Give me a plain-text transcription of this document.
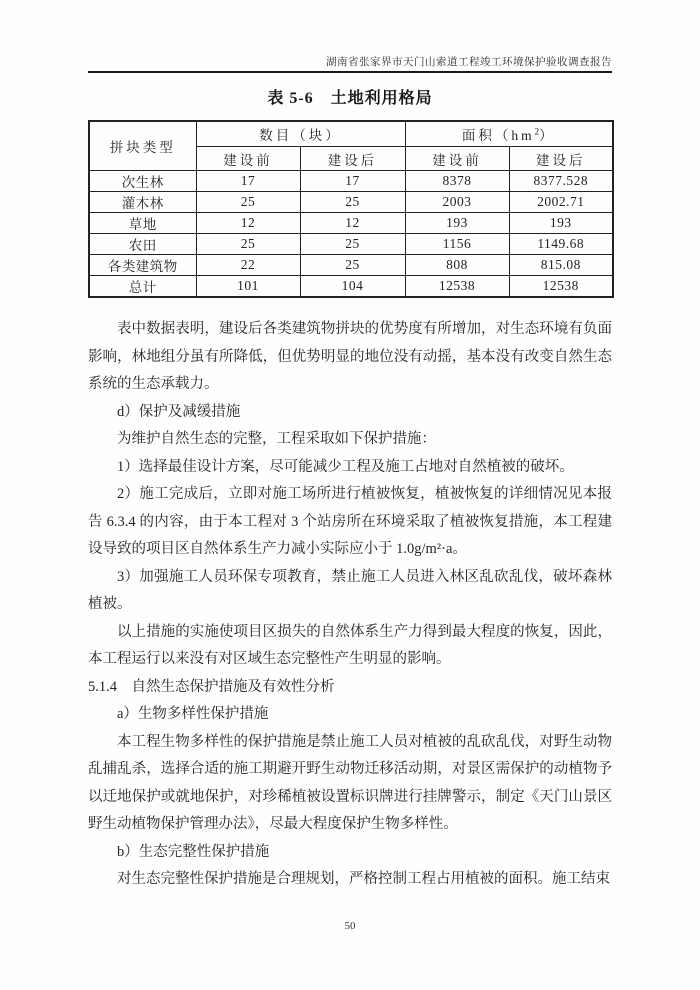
湖南省张家界市天门山索道工程竣工环境保护验收调查报告
表 5-6　土地利用格局
拼块类型	数目（块）		面积$(hm^2)$	
	建设前	建设后	建设前	建设后
次生林	17	17	8378	8377.528
灌木林	25	25	2003	2002.71
草地	12	12	193	193
农田	25	25	1156	1149.68
各类建筑物	22	25	808	815.08
总计	101	104	12538	12538

表中数据表明，建设后各类建筑物拼块的优势度有所增加，对生态环境有负面影响，林地组分虽有所降低，但优势明显的地位没有动摇，基本没有改变自然生态系统的生态承载力。

d）保护及减缓措施

为维护自然生态的完整，工程采取如下保护措施：

1）选择最佳设计方案，尽可能减少工程及施工占地对自然植被的破坏。

2）施工完成后，立即对施工场所进行植被恢复，植被恢复的详细情况见本报告 6.3.4 的内容，由于本工程对 3 个站房所在环境采取了植被恢复措施，本工程建设导致的项目区自然体系生产力减小实际应小于 1.0g/m²·a。

3）加强施工人员环保专项教育，禁止施工人员进入林区乱砍乱伐，破坏森林植被。

以上措施的实施使项目区损失的自然体系生产力得到最大程度的恢复，因此，本工程运行以来没有对区域生态完整性产生明显的影响。

5.1.4　自然生态保护措施及有效性分析

a）生物多样性保护措施

本工程生物多样性的保护措施是禁止施工人员对植被的乱砍乱伐，对野生动物乱捕乱杀，选择合适的施工期避开野生动物迁移活动期，对景区需保护的动植物予以迁地保护或就地保护，对珍稀植被设置标识牌进行挂牌警示，制定《天门山景区野生动植物保护管理办法》，尽最大程度保护生物多样性。

b）生态完整性保护措施

对生态完整性保护措施是合理规划，严格控制工程占用植被的面积。施工结束

50
